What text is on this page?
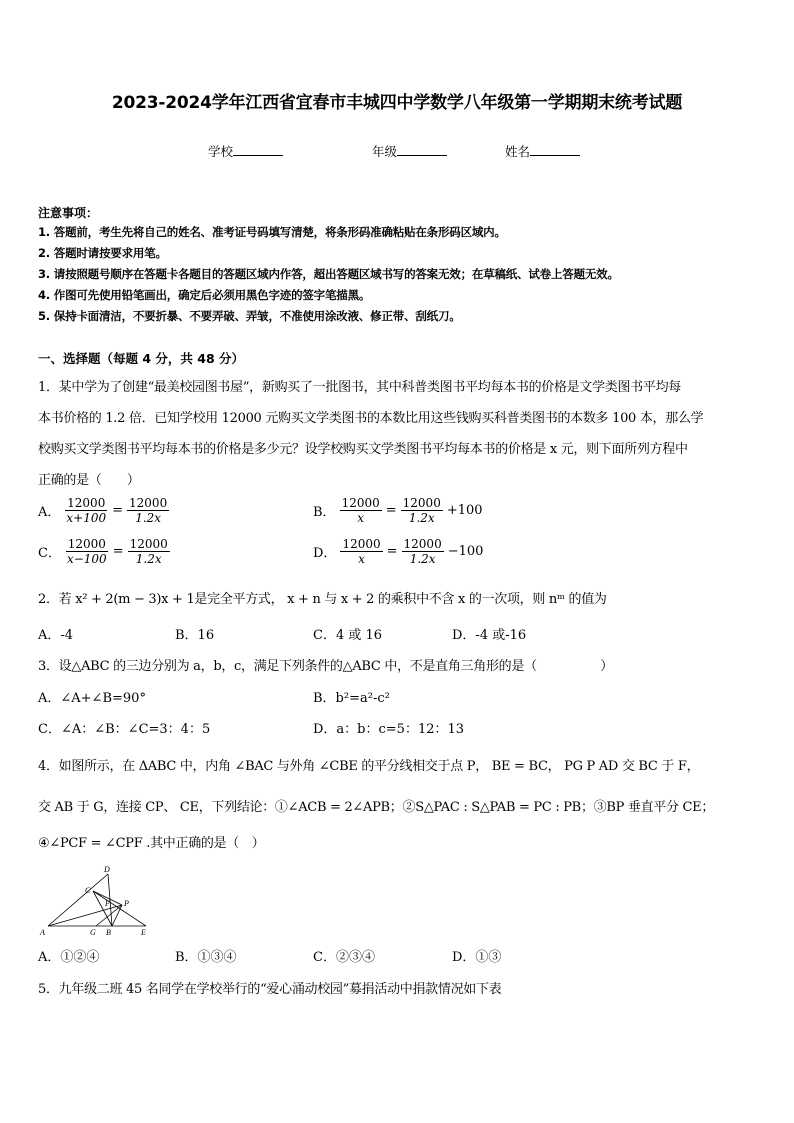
2023-2024学年江西省宜春市丰城四中学数学八年级第一学期期末统考试题
学校	年级	姓名
注意事项：
1. 答题前，考生先将自己的姓名、准考证号码填写清楚，将条形码准确粘贴在条形码区域内。
2. 答题时请按要求用笔。
3. 请按照题号顺序在答题卡各题目的答题区域内作答，超出答题区域书写的答案无效；在草稿纸、试卷上答题无效。
4. 作图可先使用铅笔画出，确定后必须用黑色字迹的签字笔描黑。
5. 保持卡面清洁，不要折暴、不要弄破、弄皱，不准使用涂改液、修正带、刮纸刀。
一、选择题（每题 4 分，共 48 分）
1．某中学为了创建“最美校园图书屋”，新购买了一批图书，其中科普类图书平均每本书的价格是文学类图书平均每
本书价格的 1.2 倍．已知学校用 12000 元购买文学类图书的本数比用这些钱购买科普类图书的本数多 100 本，那么学
校购买文学类图书平均每本书的价格是多少元？设学校购买文学类图书平均每本书的价格是 x 元，则下面所列方程中
正确的是（　　）
A． $\frac{12000}{x+100} = \frac{12000}{1.2x}$	B． $\frac{12000}{x} = \frac{12000}{1.2x} +100$
C． $\frac{12000}{x-100} = \frac{12000}{1.2x}$	D． $\frac{12000}{x} = \frac{12000}{1.2x} -100$
2．若 x² + 2(m − 3)x + 1是完全平方式， x + n 与 x + 2 的乘积中不含 x 的一次项，则 nᵐ 的值为
A．-4	B．16	C．4 或 16	D．-4 或-16
3．设△ABC 的三边分别为 a，b，c，满足下列条件的△ABC 中，不是直角三角形的是（　　　　　）
A．∠A+∠B=90°	B．b²=a²-c²
C．∠A：∠B：∠C=3：4：5	D．a：b：c=5：12：13
4．如图所示，在 ΔABC 中，内角 ∠BAC 与外角 ∠CBE 的平分线相交于点 P， BE = BC， PG P AD 交 BC 于 F，
交 AB 于 G，连接 CP、 CE，下列结论：①∠ACB = 2∠APB；②S△PAC : S△PAB = PC : PB；③BP 垂直平分 CE；
④∠PCF = ∠CPF .其中正确的是（　）
D
C
F P
A	G B	E
A．①②④	B．①③④	C．②③④	D．①③
5．九年级二班 45 名同学在学校举行的“爱心涌动校园”募捐活动中捐款情况如下表
